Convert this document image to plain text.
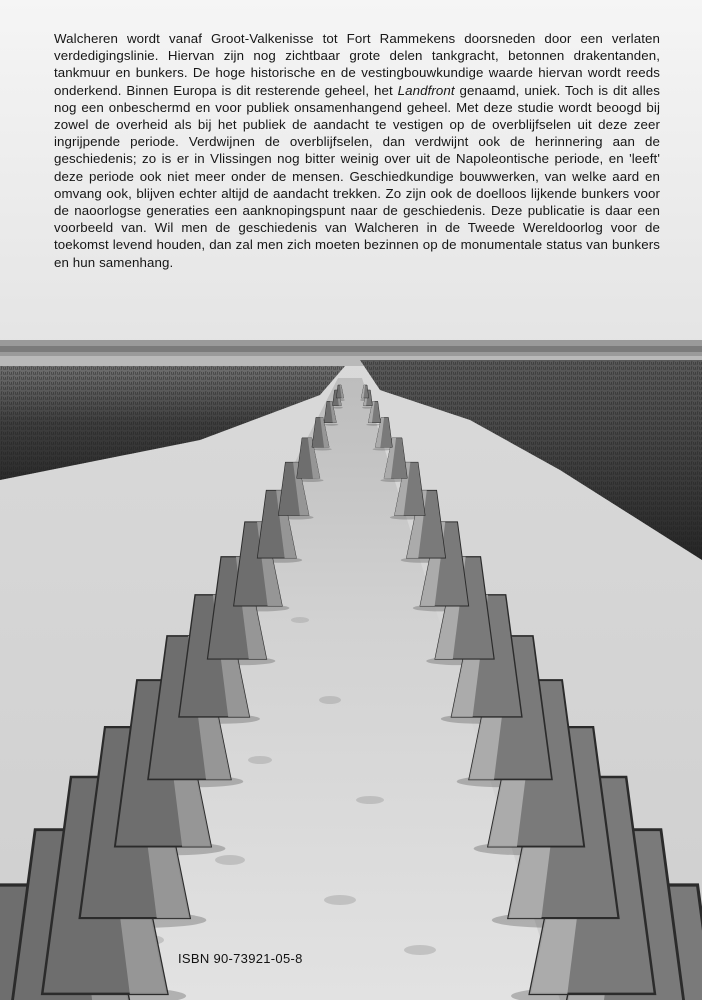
Walcheren wordt vanaf Groot-Valkenisse tot Fort Rammekens doorsneden door een verlaten verdedigingslinie. Hiervan zijn nog zichtbaar grote delen tankgracht, betonnen drakentanden, tankmuur en bunkers. De hoge historische en de vestingbouwkundige waarde hiervan wordt reeds onderkend. Binnen Europa is dit resterende geheel, het Landfront genaamd, uniek. Toch is dit alles nog een onbeschermd en voor publiek onsamenhangend geheel. Met deze studie wordt beoogd bij zowel de overheid als bij het publiek de aandacht te vestigen op de overblijfselen uit deze zeer ingrijpende periode. Verdwijnen de overblijfselen, dan verdwijnt ook de herinnering aan de geschiedenis; zo is er in Vlissingen nog bitter weinig over uit de Napoleontische periode, en 'leeft' deze periode ook niet meer onder de mensen. Geschiedkundige bouwwerken, van welke aard en omvang ook, blijven echter altijd de aandacht trekken. Zo zijn ook de doelloos lijkende bunkers voor de naoorlogse generaties een aanknopingspunt naar de geschiedenis. Deze publicatie is daar een voorbeeld van. Wil men de geschiedenis van Walcheren in de Tweede Wereldoorlog voor de toekomst levend houden, dan zal men zich moeten bezinnen op de monumentale status van bunkers en hun samenhang.
ISBN 90-73921-05-8
